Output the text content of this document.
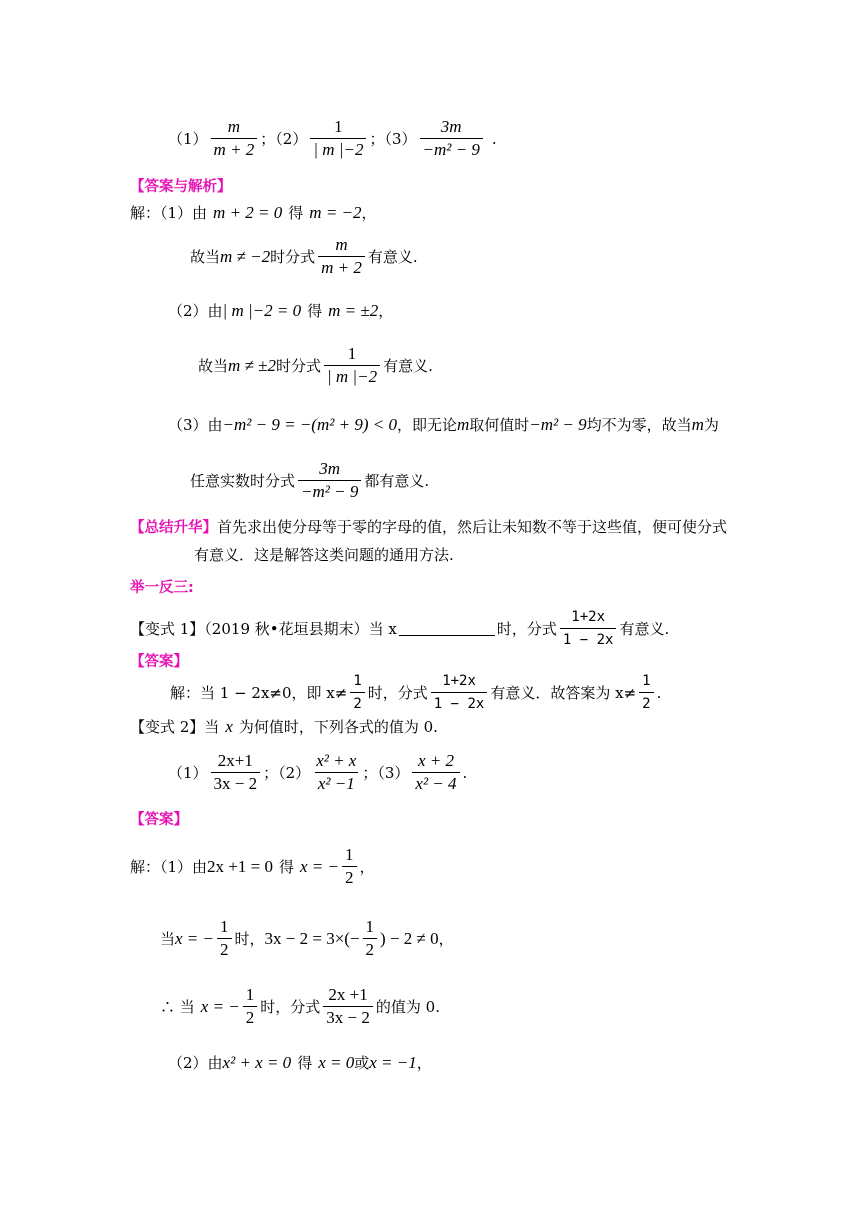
$(1) \frac{m}{m + 2}$ ；$(2) \frac{1}{| m |-2}$ ；$(3) \frac{3m}{\text{−m² − 9}}$ .
【答案与解析】
解：（1）由 m + 2 = 0 得 m = −2 ，
故当 m ≠ −2 时分式 $\frac{m}{m + 2}$ 有意义.
（2）由 | m |−2 = 0 得 m = ±2 ，
故当 m ≠ ±2 时分式 $\frac{1}{| m |-2}$ 有意义.
（3）由 −m² − 9 = −(m² + 9) < 0 ，即无论 m 取何值时 −m² − 9 均不为零，故当 m 为
任意实数时分式 $\frac{3m}{\text{−m² − 9}}$ 都有意义.
【总结升华】 首先求出使分母等于零的字母的值，然后让未知数不等于这些值，便可使分式
有意义．这是解答这类问题的通用方法.
举一反三:
【变式 1】（2019 秋•花垣县期末）当 x	时，分式 $\frac{1+2x}{1 - 2x}$ 有意义.
【答案】
解：当 1 − 2x≠0，即 $x\ne \frac{1}{2}$ 时，分式 $\frac{1+2x}{1 - 2x}$ 有意义．故答案为 $x\ne \frac{1}{2}$ .
【变式 2】当 x 为何值时，下列各式的值为 0.
$(1) \frac{2x+1}{3x - 2}$ ；$(2) \frac{\text{x² + x}}{\text{x² −1}}$ ；$(3) \frac{x + 2}{\text{x² − 4}}$ .
【答案】
解：（1）由 2x +1 = 0 得 x = − $\frac{1}{2}$ ，
当 x = − $\frac{1}{2}$ 时， $3x - 2 = 3\times(- \frac{1}{2}$ ) − 2 ≠ 0 ，
∴ 当 x = − $\frac{1}{2}$ 时，分式 $\frac{2x +1}{3x - 2}$ 的值为 0.
（2）由 x² + x = 0 得 x = 0 或 x = −1 ，
